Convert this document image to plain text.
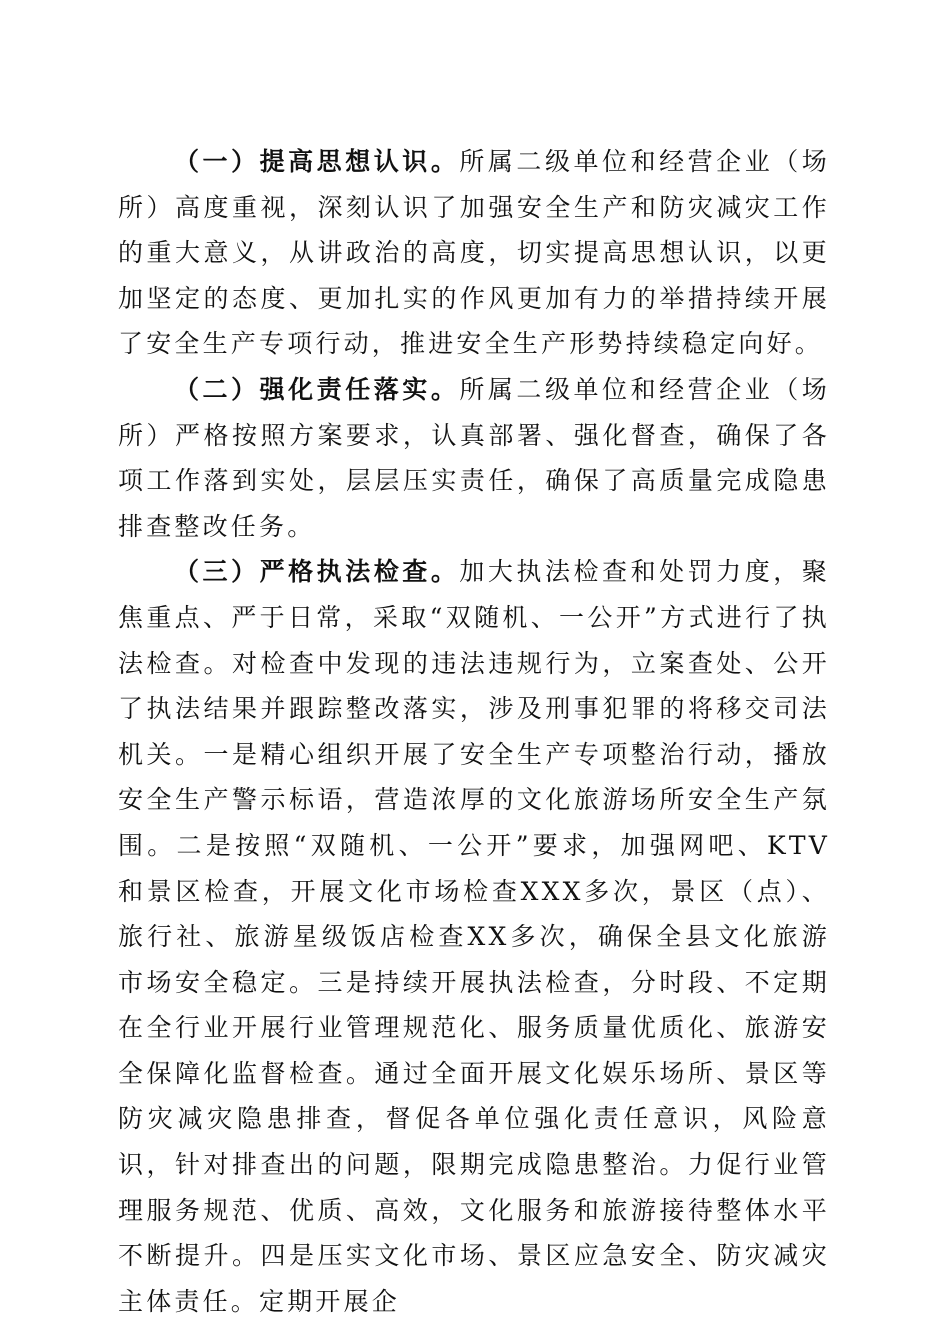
（一）提高思想认识。所属二级单位和经营企业（场所）高度重视，深刻认识了加强安全生产和防灾减灾工作的重大意义，从讲政治的高度，切实提高思想认识，以更加坚定的态度、更加扎实的作风更加有力的举措持续开展了安全生产专项行动，推进安全生产形势持续稳定向好。

（二）强化责任落实。所属二级单位和经营企业（场所）严格按照方案要求，认真部署、强化督查，确保了各项工作落到实处，层层压实责任，确保了高质量完成隐患排查整改任务。

（三）严格执法检查。加大执法检查和处罚力度，聚焦重点、严于日常，采取“双随机、一公开”方式进行了执法检查。对检查中发现的违法违规行为，立案查处、公开了执法结果并跟踪整改落实，涉及刑事犯罪的将移交司法机关。一是精心组织开展了安全生产专项整治行动，播放安全生产警示标语，营造浓厚的文化旅游场所安全生产氛围。二是按照“双随机、一公开”要求，加强网吧、KTV和景区检查，开展文化市场检查XXX多次，景区（点）、旅行社、旅游星级饭店检查XX多次，确保全县文化旅游市场安全稳定。三是持续开展执法检查，分时段、不定期在全行业开展行业管理规范化、服务质量优质化、旅游安全保障化监督检查。通过全面开展文化娱乐场所、景区等防灾减灾隐患排查，督促各单位强化责任意识，风险意识，针对排查出的问题，限期完成隐患整治。力促行业管理服务规范、优质、高效，文化服务和旅游接待整体水平不断提升。四是压实文化市场、景区应急安全、防灾减灾主体责任。定期开展企
